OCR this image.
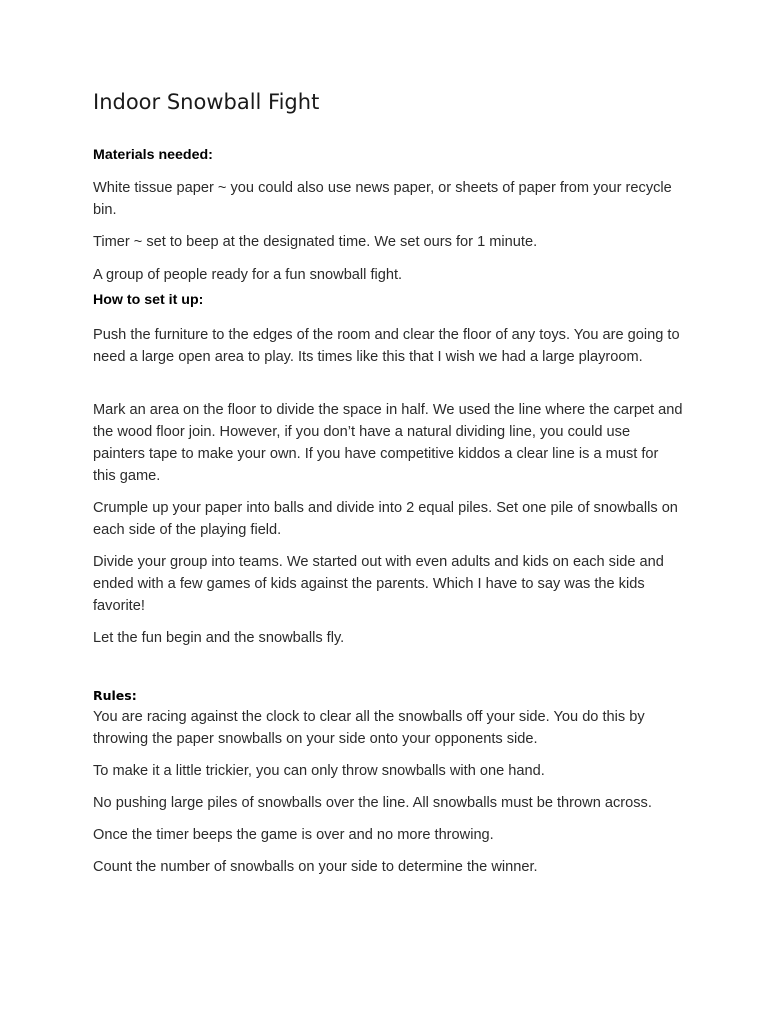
Indoor Snowball Fight

Materials needed:

White tissue paper ~ you could also use news paper, or sheets of paper from your recycle bin.

Timer ~ set to beep at the designated time. We set ours for 1 minute.

A group of people ready for a fun snowball fight.

How to set it up:

Push the furniture to the edges of the room and clear the floor of any toys. You are going to need a large open area to play. Its times like this that I wish we had a large playroom.

Mark an area on the floor to divide the space in half. We used the line where the carpet and the wood floor join. However, if you don’t have a natural dividing line, you could use painters tape to make your own. If you have competitive kiddos a clear line is a must for this game.

Crumple up your paper into balls and divide into 2 equal piles. Set one pile of snowballs on each side of the playing field.

Divide your group into teams. We started out with even adults and kids on each side and ended with a few games of kids against the parents. Which I have to say was the kids favorite!

Let the fun begin and the snowballs fly.

Rules:

You are racing against the clock to clear all the snowballs off your side. You do this by throwing the paper snowballs on your side onto your opponents side.

To make it a little trickier, you can only throw snowballs with one hand.

No pushing large piles of snowballs over the line. All snowballs must be thrown across.

Once the timer beeps the game is over and no more throwing.

Count the number of snowballs on your side to determine the winner.
